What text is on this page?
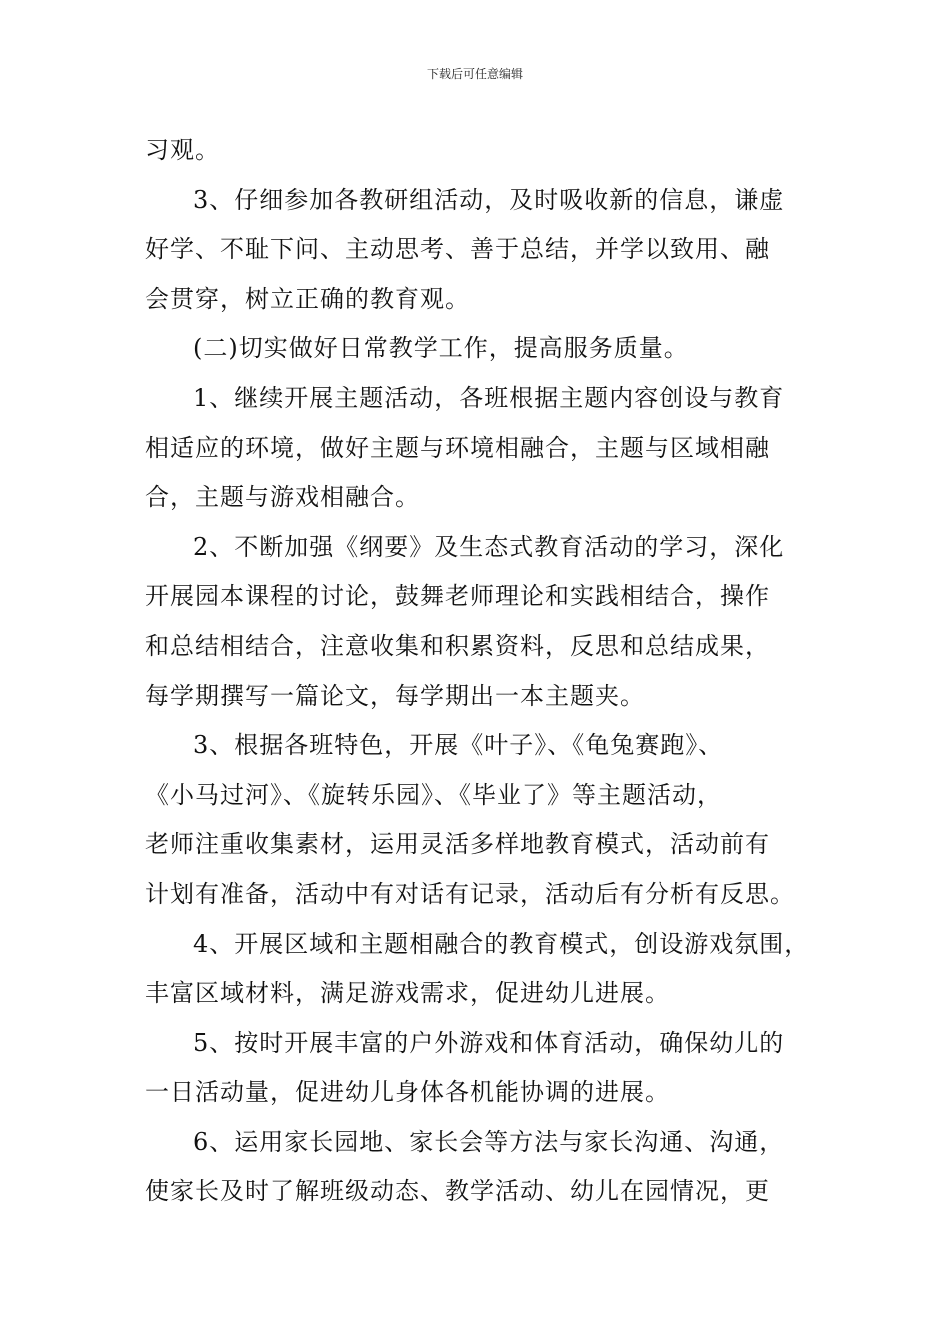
下载后可任意编辑

习观。

3、仔细参加各教研组活动，及时吸收新的信息，谦虚
好学、不耻下问、主动思考、善于总结，并学以致用、融
会贯穿，树立正确的教育观。

(二)切实做好日常教学工作，提高服务质量。

1、继续开展主题活动，各班根据主题内容创设与教育
相适应的环境，做好主题与环境相融合，主题与区域相融
合，主题与游戏相融合。

2、不断加强《纲要》及生态式教育活动的学习，深化
开展园本课程的讨论，鼓舞老师理论和实践相结合，操作
和总结相结合，注意收集和积累资料，反思和总结成果，
每学期撰写一篇论文，每学期出一本主题夹。

3、根据各班特色，开展《叶子》、《龟兔赛跑》、
《小马过河》、《旋转乐园》、《毕业了》等主题活动，
老师注重收集素材，运用灵活多样地教育模式，活动前有
计划有准备，活动中有对话有记录，活动后有分析有反思。

4、开展区域和主题相融合的教育模式，创设游戏氛围，
丰富区域材料，满足游戏需求，促进幼儿进展。

5、按时开展丰富的户外游戏和体育活动，确保幼儿的
一日活动量，促进幼儿身体各机能协调的进展。

6、运用家长园地、家长会等方法与家长沟通、沟通，
使家长及时了解班级动态、教学活动、幼儿在园情况，更
